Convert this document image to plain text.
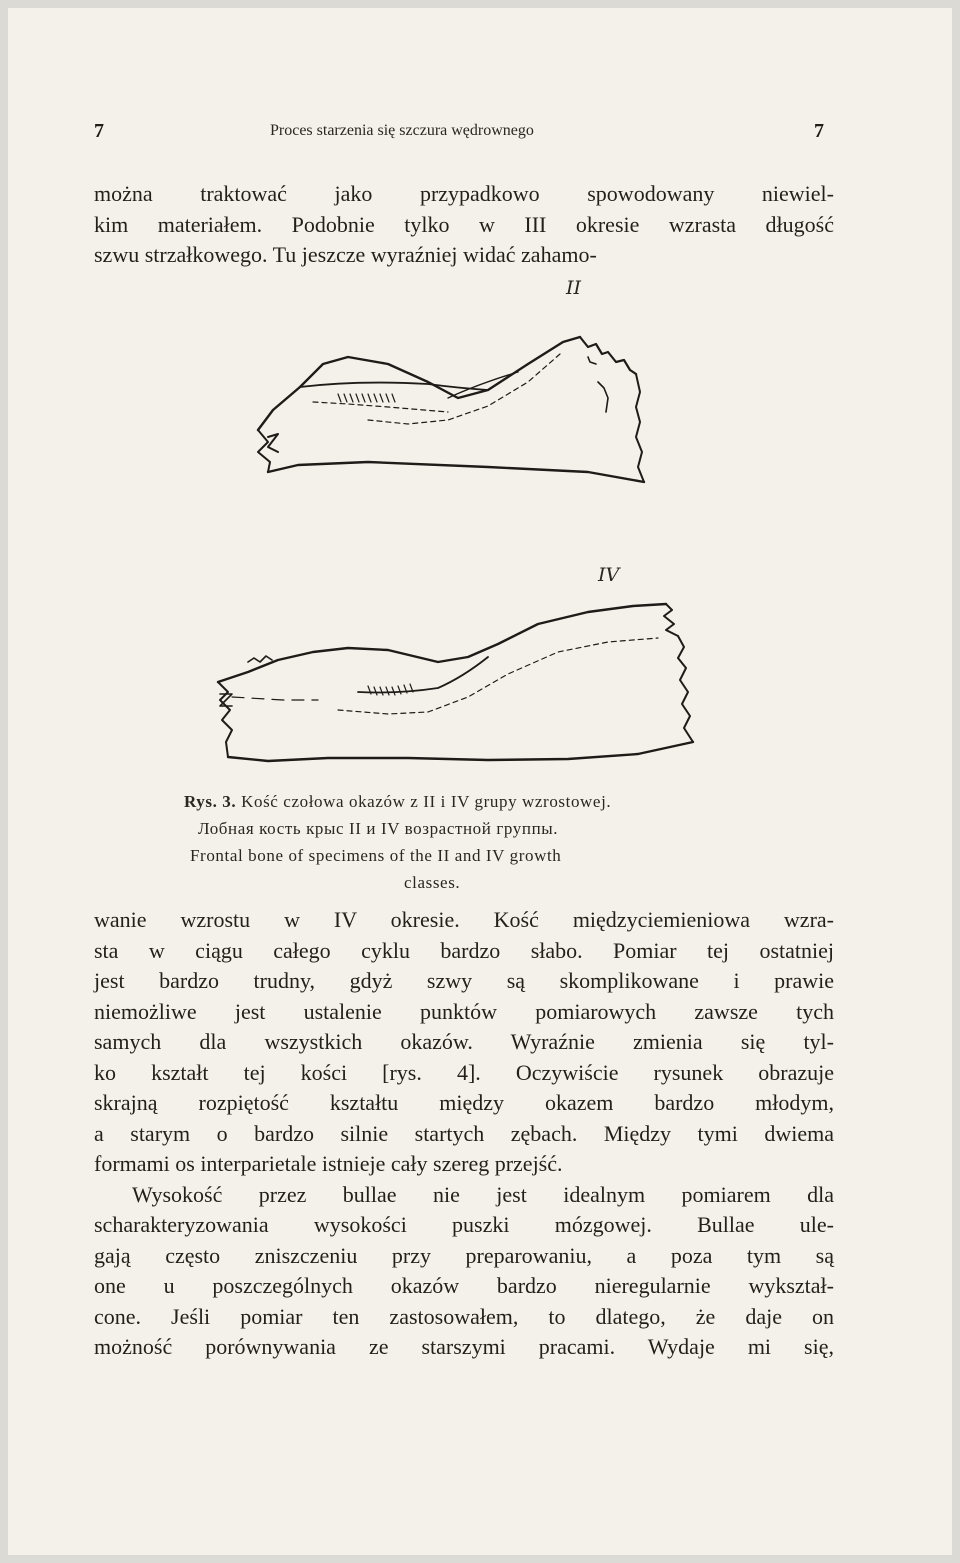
7	Proces starzenia się szczura wędrownego	7

można traktować jako przypadkowo spowodowany niewiel-

kim materiałem. Podobnie tylko w III okresie wzrasta długość

szwu strzałkowego. Tu jeszcze wyraźniej widać zahamo-

II
IV
Rys. 3. Kość czołowa okazów z II i IV grupy wzrostowej.
Лобная кость крыс II и IV возрастной группы.
Frontal bone of specimens of the II and IV growth
classes.

wanie wzrostu w IV okresie. Kość międzyciemieniowa wzra-

sta w ciągu całego cyklu bardzo słabo. Pomiar tej ostatniej

jest bardzo trudny, gdyż szwy są skomplikowane i prawie

niemożliwe jest ustalenie punktów pomiarowych zawsze tych

samych dla wszystkich okazów. Wyraźnie zmienia się tyl-

ko kształt tej kości [rys. 4]. Oczywiście rysunek obrazuje

skrajną rozpiętość kształtu między okazem bardzo młodym,

a starym o bardzo silnie startych zębach. Między tymi dwiema

formami os interparietale istnieje cały szereg przejść.

Wysokość przez bullae nie jest idealnym pomiarem dla

scharakteryzowania wysokości puszki mózgowej. Bullae ule-

gają często zniszczeniu przy preparowaniu, a poza tym są

one u poszczególnych okazów bardzo nieregularnie wykształ-

cone. Jeśli pomiar ten zastosowałem, to dlatego, że daje on

możność porównywania ze starszymi pracami. Wydaje mi się,
